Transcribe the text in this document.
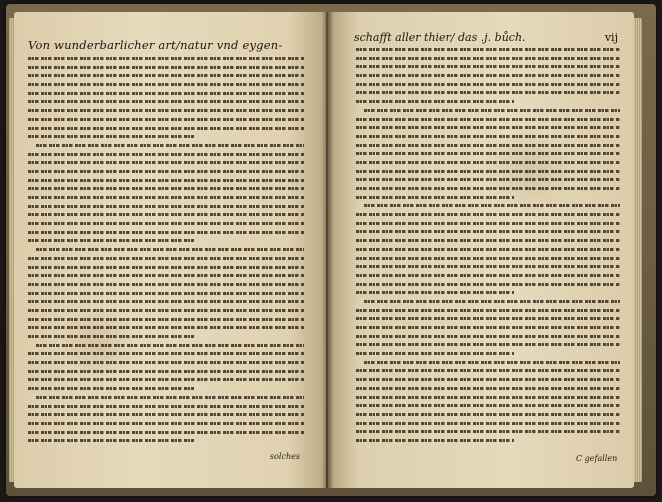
Von wunderbarlicher art/natur vnd eygen-
schafft aller thier/ das .j. bůch.	vij
solches	C gefallen
